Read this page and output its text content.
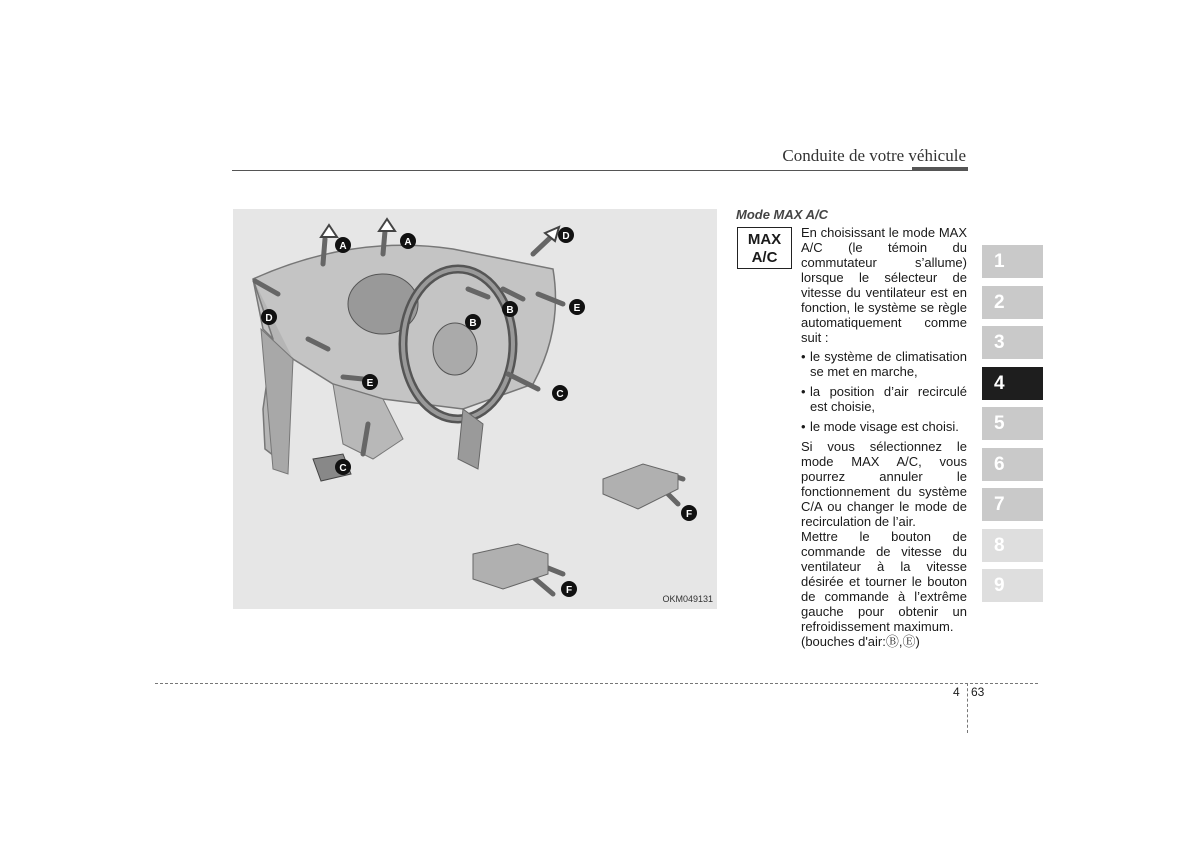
Conduite de votre véhicule
A	A
D
D	B
B	E
E
C
C
F
F
OKM049131
Mode MAX A/C
MAX
A/C

En choisissant le mode MAX A/C (le témoin du commutateur s’allume) lorsque le sélecteur de vitesse du ventilateur est en fonction, le système se règle automatiquement comme suit :

• le système de climatisation se met en marche,
• la position d’air recirculé est choisie,
• le mode visage est choisi.

Si vous sélectionnez le mode MAX A/C, vous pourrez annuler le fonctionnement du système C/A ou changer le mode de recirculation de l’air.

Mettre le bouton de commande de vitesse du ventilateur à la vitesse désirée et tourner le bouton de commande à l’extrême gauche pour obtenir un refroidissement maximum.

(bouches d'air:Ⓑ,Ⓔ)

1
2
3
4
5
6
7
8
9
4 63
